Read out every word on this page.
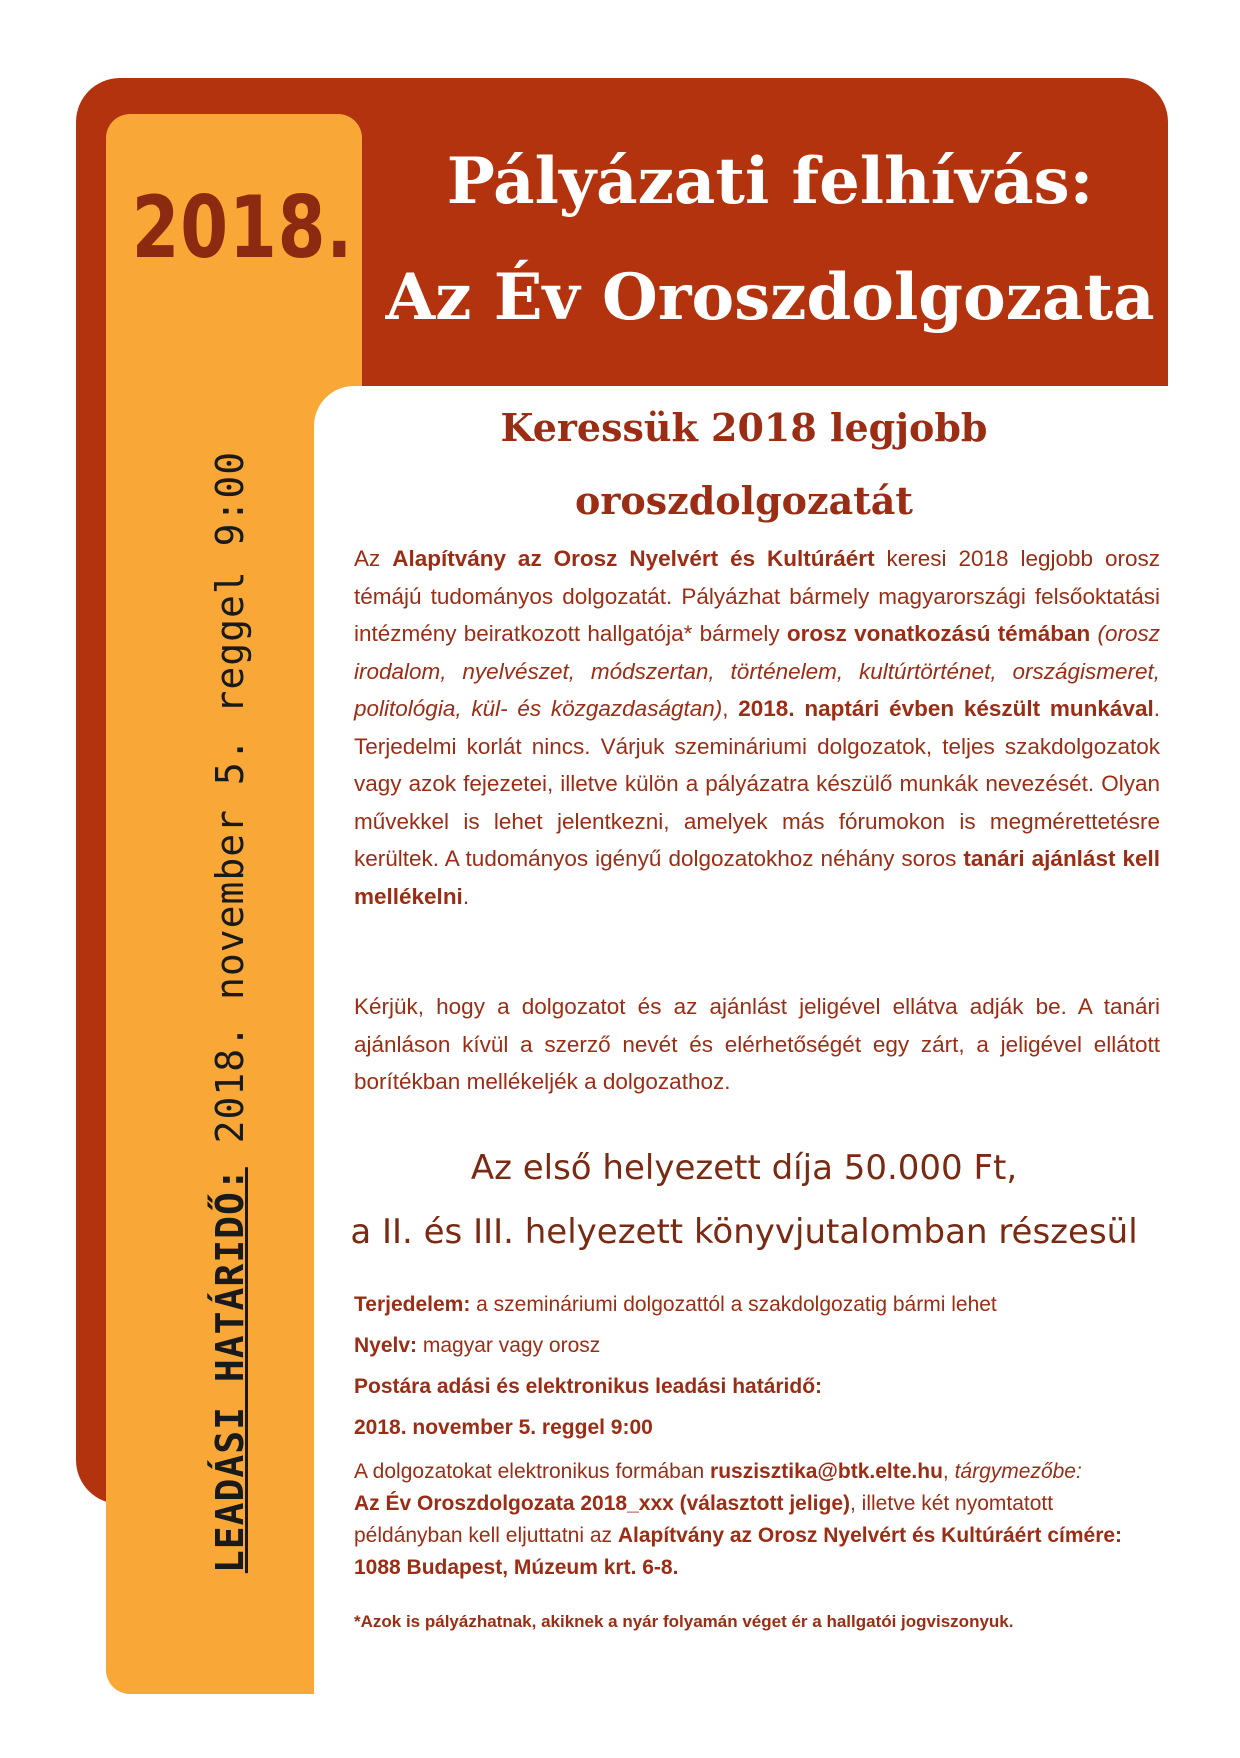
2018.	Pályázati felhívás:
Az Év Oroszdolgozata
LEADÁSI HATÁRIDŐ: 2018. november 5. reggel 9:00
Keressük 2018 legjobb
oroszdolgozatát

Az Alapítvány az Orosz Nyelvért és Kultúráért keresi 2018 legjobb orosz témájú tudományos dolgozatát. Pályázhat bármely magyarországi felsőoktatási intézmény beiratkozott hallgatója* bármely orosz vonatkozású témában (orosz irodalom, nyelvészet, módszertan, történelem, kultúrtörténet, országismeret, politológia, kül- és közgazdaságtan), 2018. naptári évben készült munkával. Terjedelmi korlát nincs. Várjuk szemináriumi dolgozatok, teljes szakdolgozatok vagy azok fejezetei, illetve külön a pályázatra készülő munkák nevezését. Olyan művekkel is lehet jelentkezni, amelyek más fórumokon is megmérettetésre kerültek. A tudományos igényű dolgozatokhoz néhány soros tanári ajánlást kell mellékelni.

Kérjük, hogy a dolgozatot és az ajánlást jeligével ellátva adják be. A tanári ajánláson kívül a szerző nevét és elérhetőségét egy zárt, a jeligével ellátott borítékban mellékeljék a dolgozathoz.

Az első helyezett díja 50.000 Ft,

a II. és III. helyezett könyvjutalomban részesül

Terjedelem: a szemináriumi dolgozattól a szakdolgozatig bármi lehet

Nyelv: magyar vagy orosz

Postára adási és elektronikus leadási határidő:

2018. november 5. reggel 9:00

A dolgozatokat elektronikus formában ruszisztika@btk.elte.hu, tárgymezőbe:
Az Év Oroszdolgozata 2018_xxx (választott jelige), illetve két nyomtatott példányban kell eljuttatni az Alapítvány az Orosz Nyelvért és Kultúráért címére: 1088 Budapest, Múzeum krt. 6-8.

*Azok is pályázhatnak, akiknek a nyár folyamán véget ér a hallgatói jogviszonyuk.
